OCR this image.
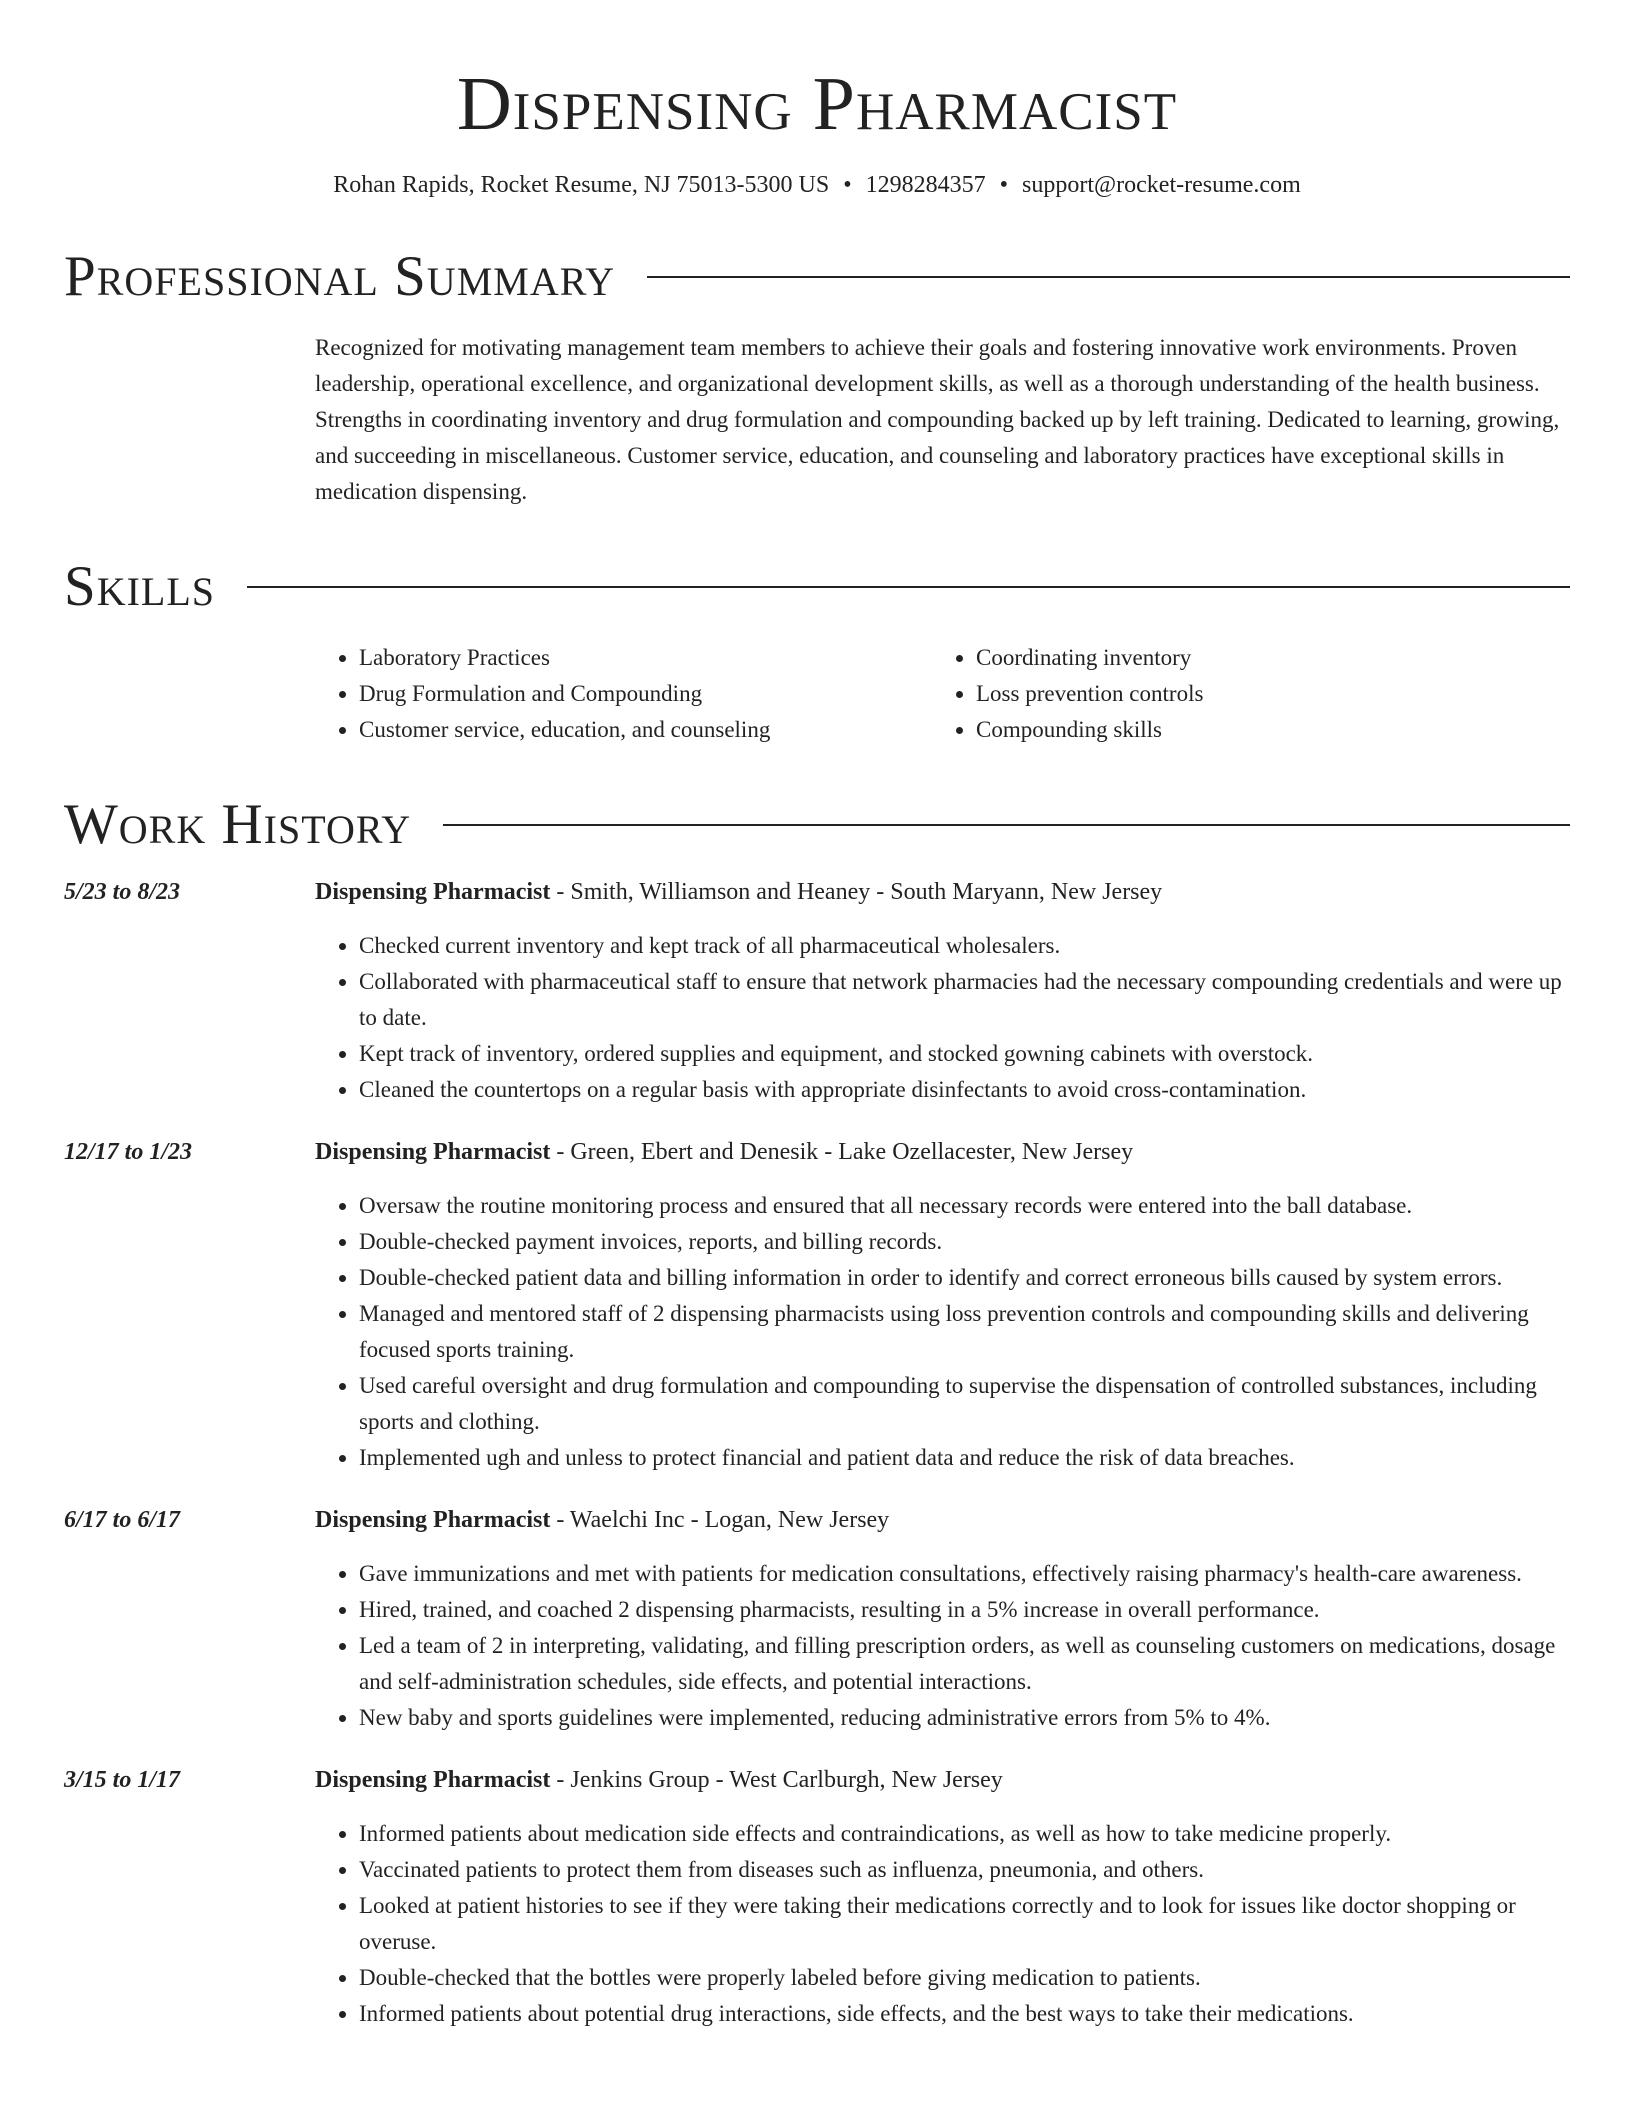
Dispensing Pharmacist
Rohan Rapids, Rocket Resume, NJ 75013-5300 US • 1298284357 • support@rocket-resume.com
Professional Summary
Recognized for motivating management team members to achieve their goals and fostering innovative work environments. Proven leadership, operational excellence, and organizational development skills, as well as a thorough understanding of the health business. Strengths in coordinating inventory and drug formulation and compounding backed up by left training. Dedicated to learning, growing, and succeeding in miscellaneous. Customer service, education, and counseling and laboratory practices have exceptional skills in medication dispensing.
Skills
• Laboratory Practices
• Drug Formulation and Compounding
• Customer service, education, and counseling
• Coordinating inventory
• Loss prevention controls
• Compounding skills
Work History
5/23 to 8/23	Dispensing Pharmacist - Smith, Williamson and Heaney - South Maryann, New Jersey
• Checked current inventory and kept track of all pharmaceutical wholesalers.
• Collaborated with pharmaceutical staff to ensure that network pharmacies had the necessary compounding credentials and were up to date.
• Kept track of inventory, ordered supplies and equipment, and stocked gowning cabinets with overstock.
• Cleaned the countertops on a regular basis with appropriate disinfectants to avoid cross-contamination.
12/17 to 1/23	Dispensing Pharmacist - Green, Ebert and Denesik - Lake Ozellacester, New Jersey
• Oversaw the routine monitoring process and ensured that all necessary records were entered into the ball database.
• Double-checked payment invoices, reports, and billing records.
• Double-checked patient data and billing information in order to identify and correct erroneous bills caused by system errors.
• Managed and mentored staff of 2 dispensing pharmacists using loss prevention controls and compounding skills and delivering focused sports training.
• Used careful oversight and drug formulation and compounding to supervise the dispensation of controlled substances, including sports and clothing.
• Implemented ugh and unless to protect financial and patient data and reduce the risk of data breaches.
6/17 to 6/17	Dispensing Pharmacist - Waelchi Inc - Logan, New Jersey
• Gave immunizations and met with patients for medication consultations, effectively raising pharmacy's health-care awareness.
• Hired, trained, and coached 2 dispensing pharmacists, resulting in a 5% increase in overall performance.
• Led a team of 2 in interpreting, validating, and filling prescription orders, as well as counseling customers on medications, dosage and self-administration schedules, side effects, and potential interactions.
• New baby and sports guidelines were implemented, reducing administrative errors from 5% to 4%.
3/15 to 1/17	Dispensing Pharmacist - Jenkins Group - West Carlburgh, New Jersey
• Informed patients about medication side effects and contraindications, as well as how to take medicine properly.
• Vaccinated patients to protect them from diseases such as influenza, pneumonia, and others.
• Looked at patient histories to see if they were taking their medications correctly and to look for issues like doctor shopping or overuse.
• Double-checked that the bottles were properly labeled before giving medication to patients.
• Informed patients about potential drug interactions, side effects, and the best ways to take their medications.
